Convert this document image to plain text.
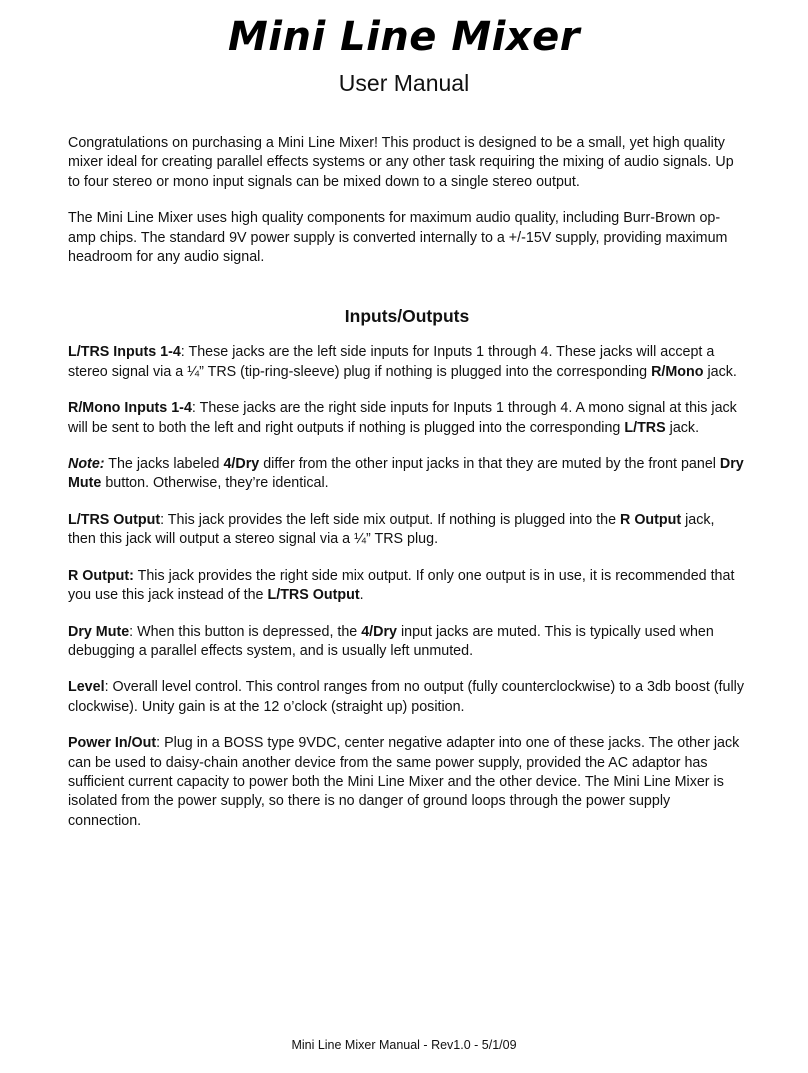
Mini Line Mixer
User Manual

Congratulations on purchasing a Mini Line Mixer! This product is designed to be a small, yet high quality mixer ideal for creating parallel effects systems or any other task requiring the mixing of audio signals. Up to four stereo or mono input signals can be mixed down to a single stereo output.

The Mini Line Mixer uses high quality components for maximum audio quality, including Burr-Brown op-amp chips. The standard 9V power supply is converted internally to a +/-15V supply, providing maximum headroom for any audio signal.

Inputs/Outputs

L/TRS Inputs 1-4: These jacks are the left side inputs for Inputs 1 through 4. These jacks will accept a stereo signal via a ¼” TRS (tip-ring-sleeve) plug if nothing is plugged into the corresponding R/Mono jack.

R/Mono Inputs 1-4: These jacks are the right side inputs for Inputs 1 through 4. A mono signal at this jack will be sent to both the left and right outputs if nothing is plugged into the corresponding L/TRS jack.

Note: The jacks labeled 4/Dry differ from the other input jacks in that they are muted by the front panel Dry Mute button. Otherwise, they’re identical.

L/TRS Output: This jack provides the left side mix output. If nothing is plugged into the R Output jack, then this jack will output a stereo signal via a ¼” TRS plug.

R Output: This jack provides the right side mix output. If only one output is in use, it is recommended that you use this jack instead of the L/TRS Output.

Dry Mute: When this button is depressed, the 4/Dry input jacks are muted. This is typically used when debugging a parallel effects system, and is usually left unmuted.

Level: Overall level control. This control ranges from no output (fully counterclockwise) to a 3db boost (fully clockwise). Unity gain is at the 12 o’clock (straight up) position.

Power In/Out: Plug in a BOSS type 9VDC, center negative adapter into one of these jacks. The other jack can be used to daisy-chain another device from the same power supply, provided the AC adaptor has sufficient current capacity to power both the Mini Line Mixer and the other device. The Mini Line Mixer is isolated from the power supply, so there is no danger of ground loops through the power supply connection.

Mini Line Mixer Manual - Rev1.0 - 5/1/09
